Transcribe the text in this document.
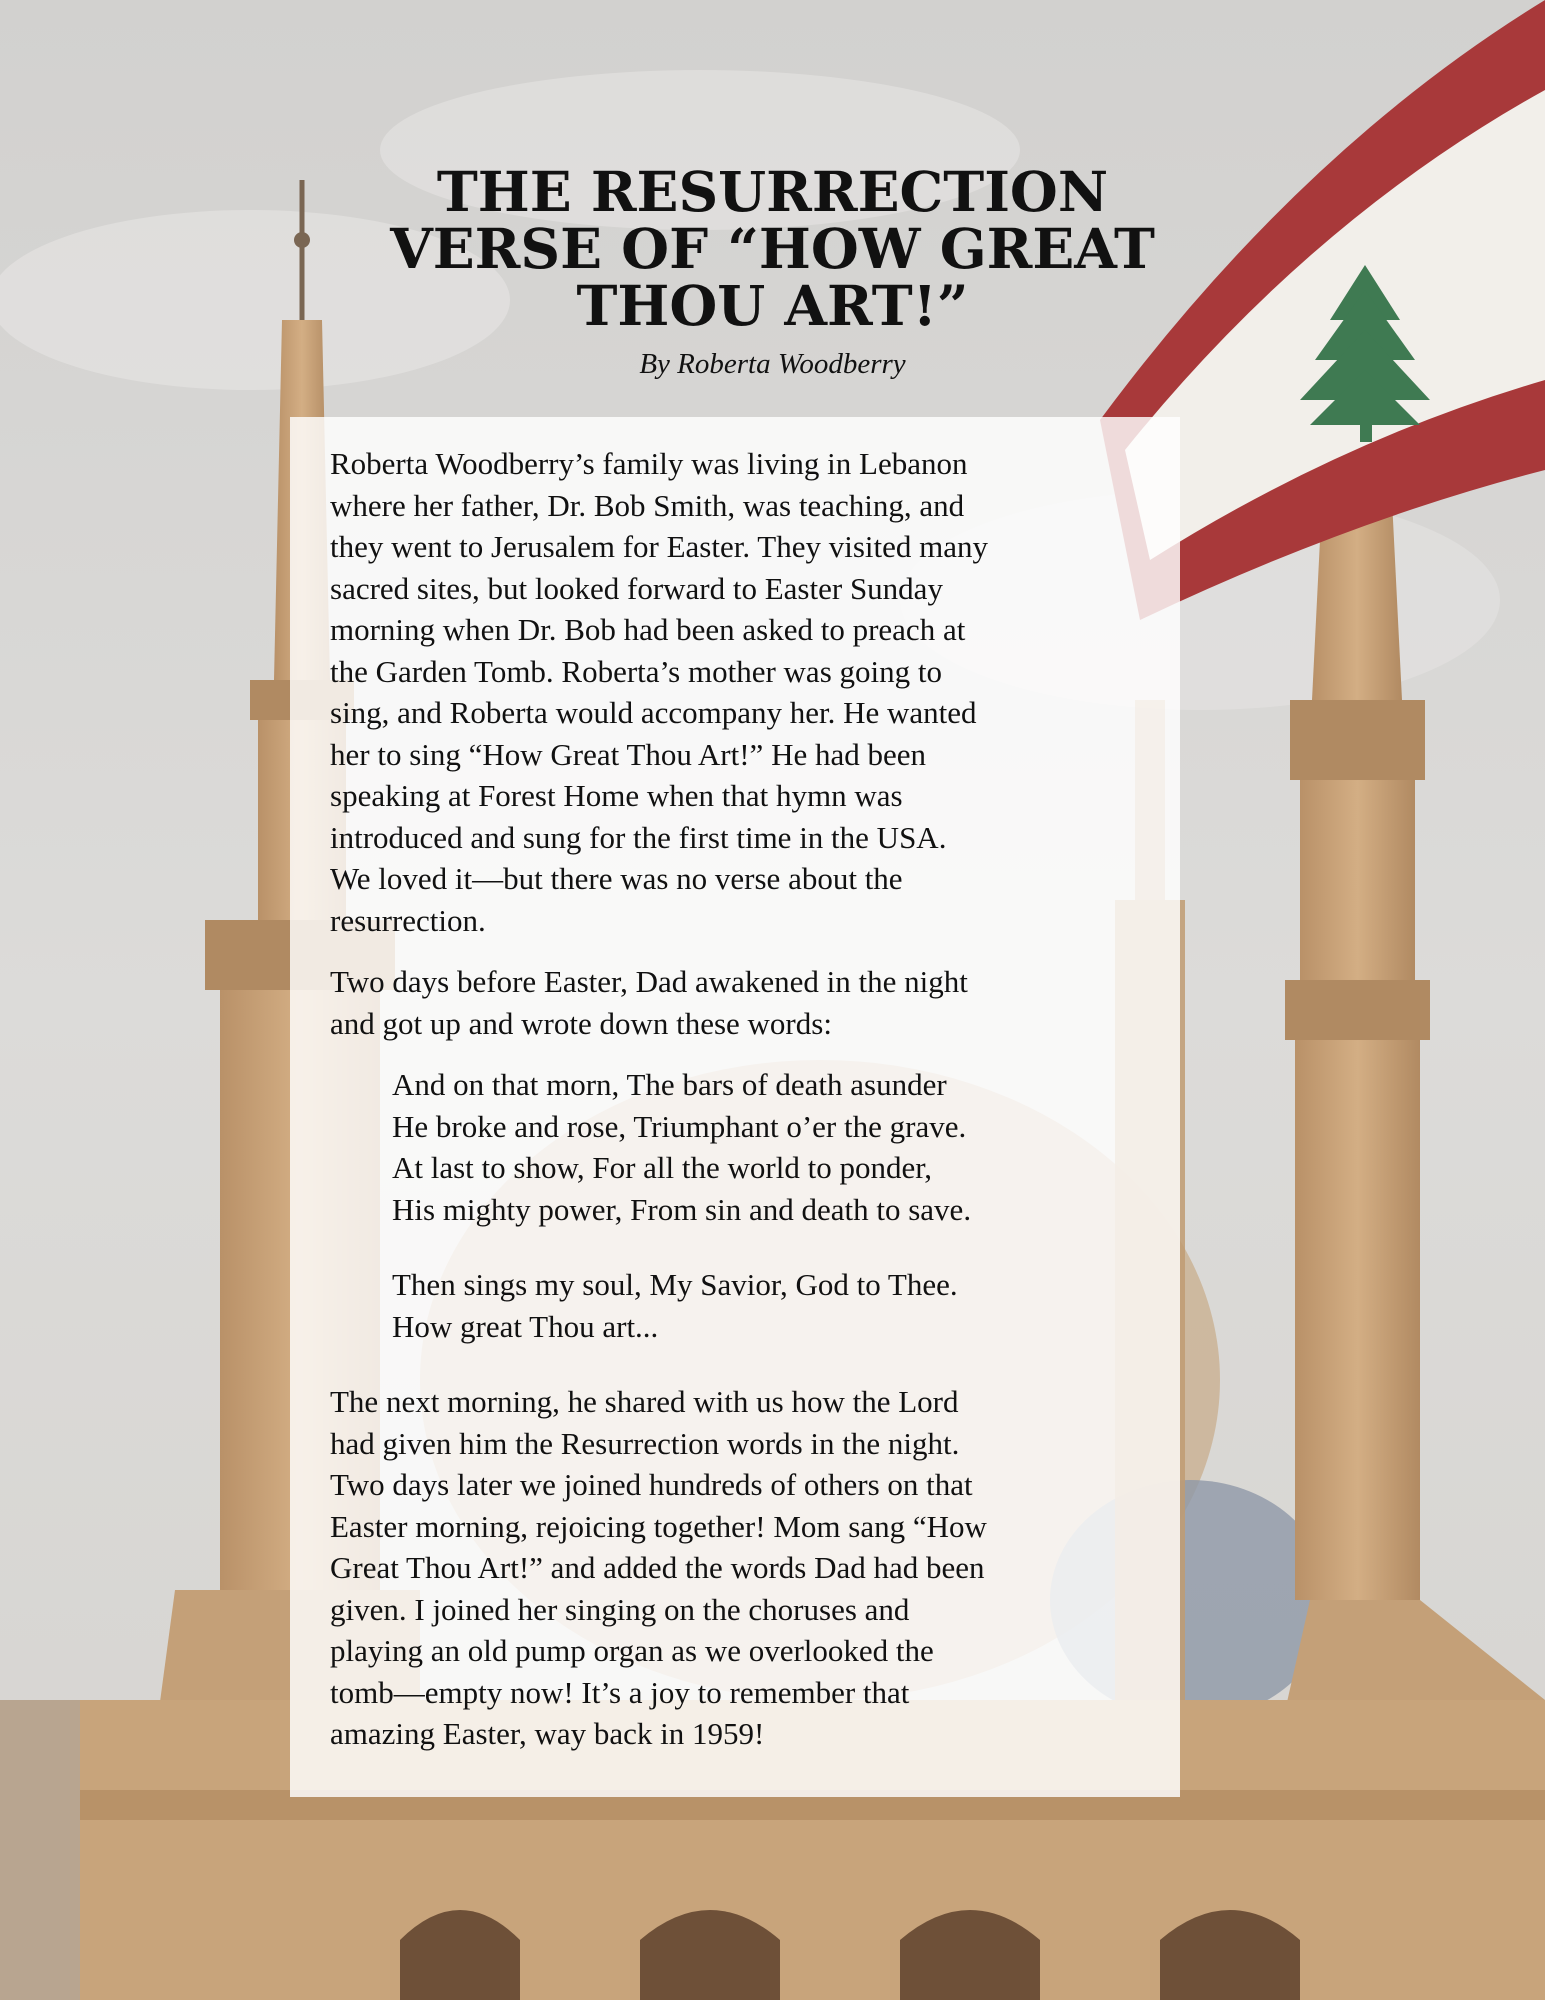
THE RESURRECTION
VERSE OF “HOW GREAT
THOU ART!”
By Roberta Woodberry

Roberta Woodberry’s family was living in Lebanon
where her father, Dr. Bob Smith, was teaching, and
they went to Jerusalem for Easter. They visited many
sacred sites, but looked forward to Easter Sunday
morning when Dr. Bob had been asked to preach at
the Garden Tomb. Roberta’s mother was going to
sing, and Roberta would accompany her. He wanted
her to sing “How Great Thou Art!” He had been
speaking at Forest Home when that hymn was
introduced and sung for the first time in the USA.
We loved it—but there was no verse about the
resurrection.

Two days before Easter, Dad awakened in the night
and got up and wrote down these words:

And on that morn, The bars of death asunder
He broke and rose, Triumphant o’er the grave.
At last to show, For all the world to ponder,
His mighty power, From sin and death to save.
Then sings my soul, My Savior, God to Thee.
How great Thou art...

The next morning, he shared with us how the Lord
had given him the Resurrection words in the night.
Two days later we joined hundreds of others on that
Easter morning, rejoicing together! Mom sang “How
Great Thou Art!” and added the words Dad had been
given. I joined her singing on the choruses and
playing an old pump organ as we overlooked the
tomb—empty now! It’s a joy to remember that
amazing Easter, way back in 1959!
